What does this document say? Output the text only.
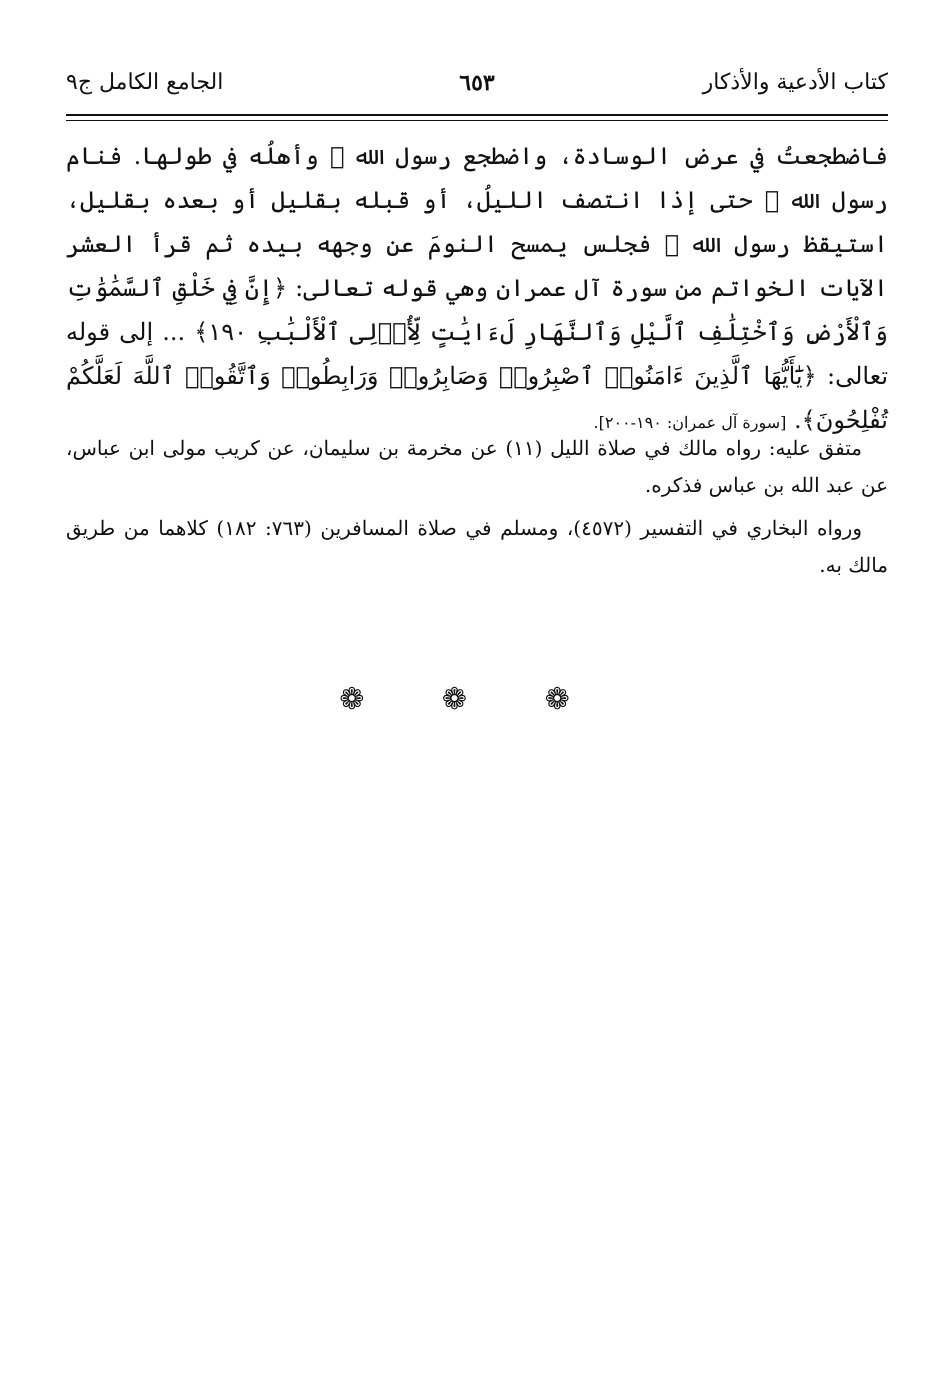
كتاب الأدعية والأذكار
٦٥٣
الجامع الكامل ج٩

فاضطجعتُ في عرض الوسادة، واضطجع رسول الله ﷺ وأهلُه في طولها. فنام رسول الله ﷺ حتى إذا انتصف الليلُ، أو قبله بقليل أو بعده بقليل، استيقظ رسول الله ﷺ فجلس يمسح النومَ عن وجهه بيده ثم قرأ العشر الآيات الخواتم من سورة آل عمران وهي قوله تعالى: ﴿إِنَّ فِي خَلْقِ ٱلسَّمَٰوَٰتِ وَٱلْأَرْضِ وَٱخْتِلَٰفِ ٱلَّيْلِ وَٱلنَّهَارِ لَءَايَٰتٍ لِّأُو۟لِى ٱلْأَلْبَٰبِ ١٩٠﴾ ... إلى قوله تعالى: ﴿يَٰٓأَيُّهَا ٱلَّذِينَ ءَامَنُوا۟ ٱصْبِرُوا۟ وَصَابِرُوا۟ وَرَابِطُوا۟ وَٱتَّقُوا۟ ٱللَّهَ لَعَلَّكُمْ تُفْلِحُونَ﴾. [سورة آل عمران: ١٩٠-٢٠٠].

متفق عليه: رواه مالك في صلاة الليل (١١) عن مخرمة بن سليمان، عن كريب مولى ابن عباس، عن عبد الله بن عباس فذكره.

ورواه البخاري في التفسير (٤٥٧٢)، ومسلم في صلاة المسافرين (٧٦٣: ١٨٢) كلاهما من طريق مالك به.

❁ ❁ ❁
